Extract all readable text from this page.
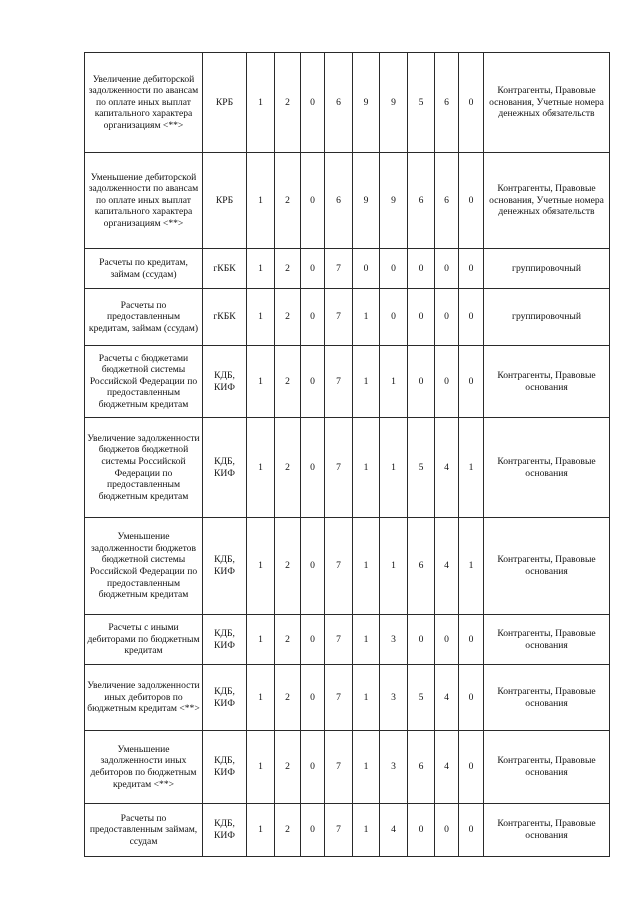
Увеличение дебиторской задолженности по авансам по оплате иных выплат капитального характера организациям <**>	КРБ	1	2	0	6	9	9	5	6	0	Контрагенты, Правовые основания, Учетные номера денежных обязательств
Уменьшение дебиторской задолженности по авансам по оплате иных выплат капитального характера организациям <**>	КРБ	1	2	0	6	9	9	6	6	0	Контрагенты, Правовые основания, Учетные номера денежных обязательств
Расчеты по кредитам, займам (ссудам)	гКБК	1	2	0	7	0	0	0	0	0	группировочный
Расчеты по предоставленным кредитам, займам (ссудам)	гКБК	1	2	0	7	1	0	0	0	0	группировочный
Расчеты с бюджетами бюджетной системы Российской Федерации по предоставленным бюджетным кредитам	КДБ, КИФ	1	2	0	7	1	1	0	0	0	Контрагенты, Правовые основания
Увеличение задолженности бюджетов бюджетной системы Российской Федерации по предоставленным бюджетным кредитам	КДБ, КИФ	1	2	0	7	1	1	5	4	1	Контрагенты, Правовые основания
Уменьшение задолженности бюджетов бюджетной системы Российской Федерации по предоставленным бюджетным кредитам	КДБ, КИФ	1	2	0	7	1	1	6	4	1	Контрагенты, Правовые основания
Расчеты с иными дебиторами по бюджетным кредитам	КДБ, КИФ	1	2	0	7	1	3	0	0	0	Контрагенты, Правовые основания
Увеличение задолженности иных дебиторов по бюджетным кредитам <**>	КДБ, КИФ	1	2	0	7	1	3	5	4	0	Контрагенты, Правовые основания
Уменьшение задолженности иных дебиторов по бюджетным кредитам <**>	КДБ, КИФ	1	2	0	7	1	3	6	4	0	Контрагенты, Правовые основания
Расчеты по предоставленным займам, ссудам	КДБ, КИФ	1	2	0	7	1	4	0	0	0	Контрагенты, Правовые основания
